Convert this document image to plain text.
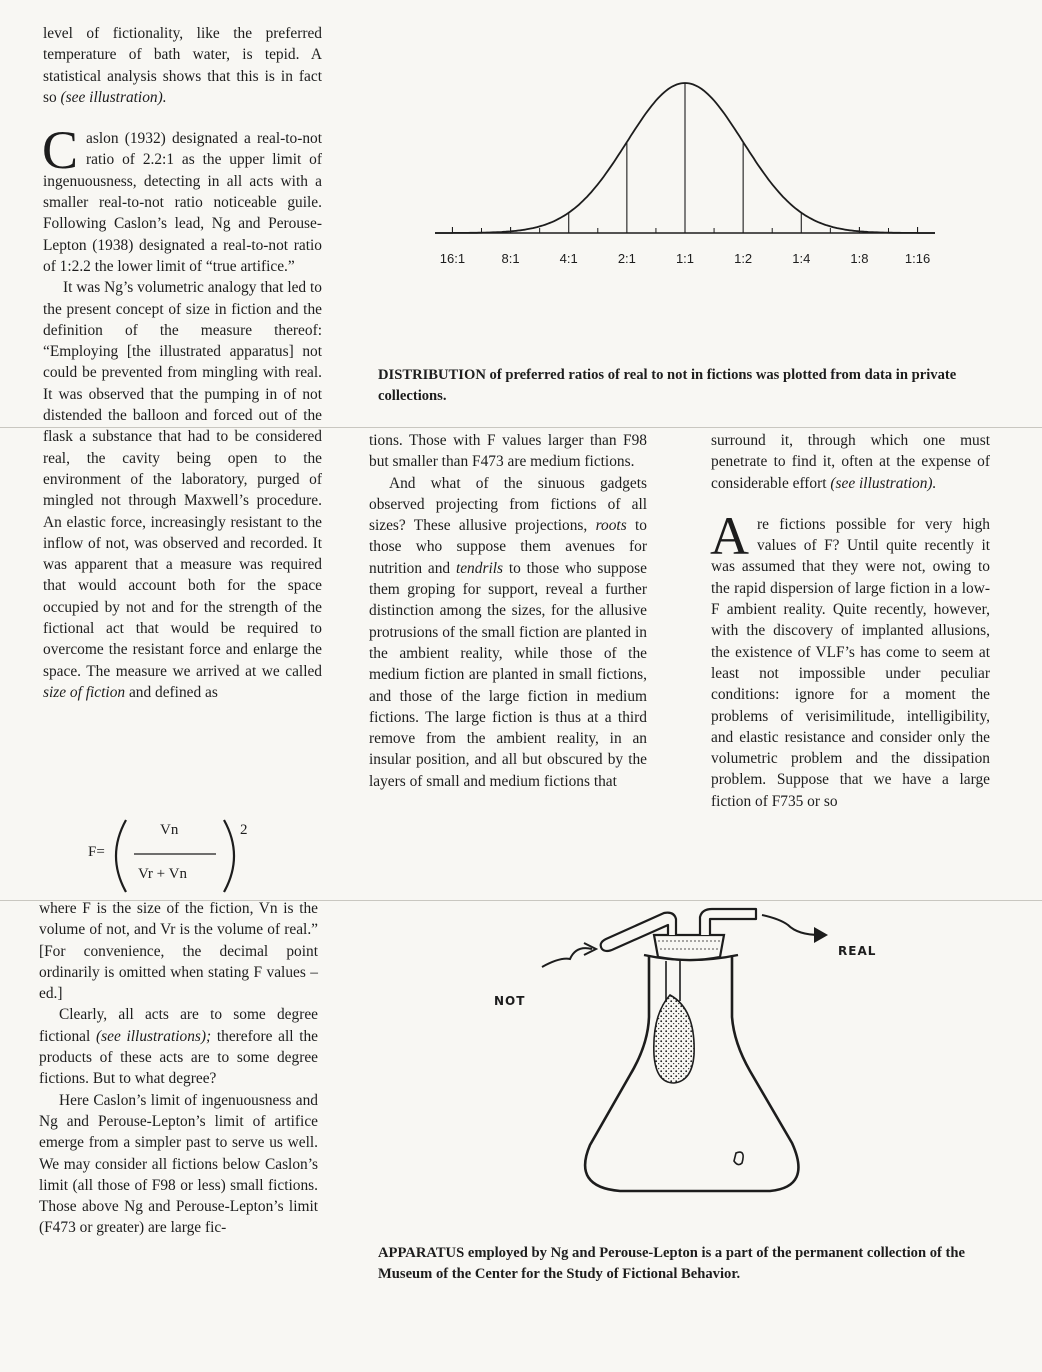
level of fictionality, like the preferred temperature of bath water, is tepid. A statistical analysis shows that this is in fact so (see illustration).

Caslon (1932) designated a real-to-not ratio of 2.2:1 as the upper limit of ingenuousness, detecting in all acts with a smaller real-to-not ratio noticeable guile. Following Caslon’s lead, Ng and Perouse-Lepton (1938) designated a real-to-not ratio of 1:2.2 the lower limit of “true artifice.”

It was Ng’s volumetric analogy that led to the present concept of size in fiction and the definition of the measure thereof: “Employing [the illustrated apparatus] not could be prevented from mingling with real. It was observed that the pumping in of not distended the balloon and forced out of the flask a substance that had to be considered real, the cavity being open to the environment of the laboratory, purged of mingled not through Maxwell’s procedure. An elastic force, increasingly resistant to the inflow of not, was observed and recorded. It was apparent that a measure was required that would account both for the space occupied by not and for the strength of the fictional act that would be required to overcome the resistant force and enlarge the space. The measure we arrived at we called size of fiction and defined as

F=
Vn
Vr + Vn
2

where F is the size of the fiction, Vn is the volume of not, and Vr is the volume of real.” [For convenience, the decimal point ordinarily is omitted when stating F values – ed.]

Clearly, all acts are to some degree fictional (see illustrations); therefore all the products of these acts are to some degree fictions. But to what degree?

Here Caslon’s limit of ingenuousness and Ng and Perouse-Lepton’s limit of artifice emerge from a simpler past to serve us well. We may consider all fictions below Caslon’s limit (all those of F98 or less) small fictions. Those above Ng and Perouse-Lepton’s limit (F473 or greater) are large fic-

16:1	8:1	4:1	2:1	1:1	1:2	1:4	1:8	1:16
DISTRIBUTION of preferred ratios of real to not in fictions was plotted from data in private collections.

tions. Those with F values larger than F98 but smaller than F473 are medium fictions.

And what of the sinuous gadgets observed projecting from fictions of all sizes? These allusive projections, roots to those who suppose them avenues for nutrition and tendrils to those who suppose them groping for support, reveal a further distinction among the sizes, for the allusive protrusions of the small fiction are planted in the ambient reality, while those of the medium fiction are planted in small fictions, and those of the large fiction in medium fictions. The large fiction is thus at a third remove from the ambient reality, in an insular position, and all but obscured by the layers of small and medium fictions that

surround it, through which one must penetrate to find it, often at the expense of considerable effort (see illustration).

Are fictions possible for very high values of F? Until quite recently it was assumed that they were not, owing to the rapid dispersion of large fiction in a low-F ambient reality. Quite recently, however, with the discovery of implanted allusions, the existence of VLF’s has come to seem at least not impossible under peculiar conditions: ignore for a moment the problems of verisimilitude, intelligibility, and elastic resistance and consider only the volumetric problem and the dissipation problem. Suppose that we have a large fiction of F735 or so

NOT
REAL
APPARATUS employed by Ng and Perouse-Lepton is a part of the permanent collection of the Museum of the Center for the Study of Fictional Behavior.
